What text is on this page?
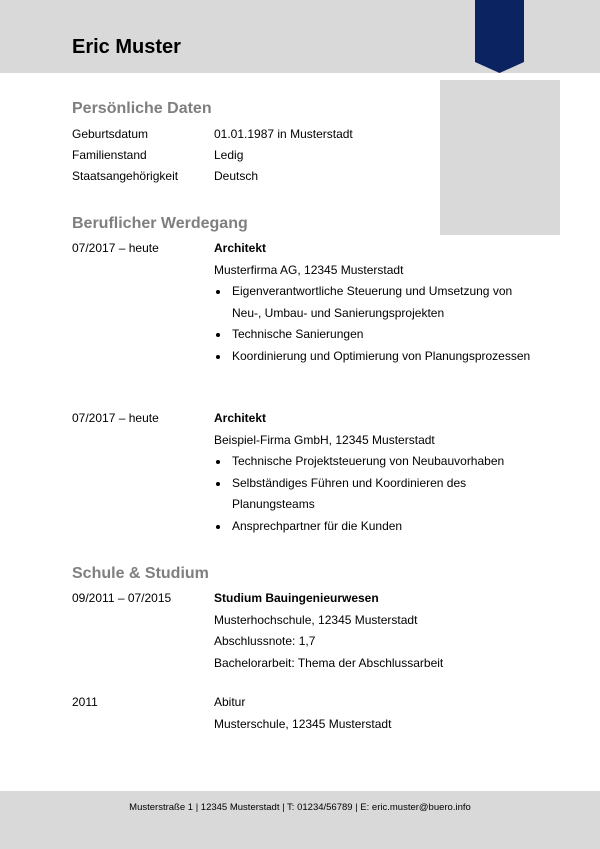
Eric Muster
Persönliche Daten
Geburtsdatum	01.01.1987 in Musterstadt
Familienstand	Ledig
Staatsangehörigkeit	Deutsch
Beruflicher Werdegang
07/2017 – heute	Architekt
Musterfirma AG, 12345 Musterstadt
Eigenverantwortliche Steuerung und Umsetzung von Neu-, Umbau- und Sanierungsprojekten
Technische Sanierungen
Koordinierung und Optimierung von Planungsprozessen
07/2017 – heute	Architekt
Beispiel-Firma GmbH, 12345 Musterstadt
Technische Projektsteuerung von Neubauvorhaben
Selbständiges Führen und Koordinieren des Planungsteams
Ansprechpartner für die Kunden
Schule & Studium
09/2011 – 07/2015	Studium Bauingenieurwesen
Musterhochschule, 12345 Musterstadt
Abschlussnote: 1,7
Bachelorarbeit: Thema der Abschlussarbeit
2011	Abitur
Musterschule, 12345 Musterstadt
Musterstraße 1 | 12345 Musterstadt | T: 01234/56789 | E: eric.muster@buero.info
